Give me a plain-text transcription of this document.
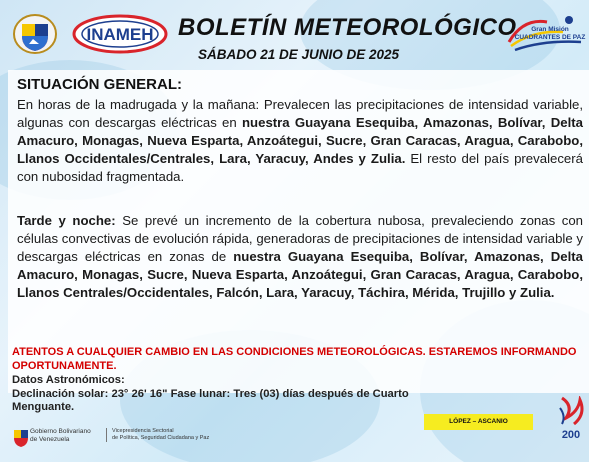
INAMEH BOLETÍN METEOROLÓGICO
SÁBADO 21 DE JUNIO DE 2025
Gran Misión
CUADRANTES DE PAZ
SITUACIÓN GENERAL:
En horas de la madrugada y la mañana: Prevalecen las precipitaciones de intensidad variable, algunas con descargas eléctricas en nuestra Guayana Esequiba, Amazonas, Bolívar, Delta Amacuro, Monagas, Nueva Esparta, Anzoátegui, Sucre, Gran Caracas, Aragua, Carabobo, Llanos Occidentales/Centrales, Lara, Yaracuy, Andes y Zulia. El resto del país prevalecerá con nubosidad fragmentada.
Tarde y noche: Se prevé un incremento de la cobertura nubosa, prevaleciendo zonas con células convectivas de evolución rápida, generadoras de precipitaciones de intensidad variable y descargas eléctricas en zonas de nuestra Guayana Esequiba, Bolívar, Amazonas, Delta Amacuro, Monagas, Sucre, Nueva Esparta, Anzoátegui, Gran Caracas, Aragua, Carabobo, Llanos Centrales/Occidentales, Falcón, Lara, Yaracuy, Táchira, Mérida, Trujillo y Zulia.
ATENTOS A CUALQUIER CAMBIO EN LAS CONDICIONES METEOROLÓGICAS. ESTAREMOS INFORMANDO OPORTUNAMENTE.
Datos Astronómicos:
Declinación solar: 23° 26' 16" Fase lunar: Tres (03) días después de Cuarto Menguante.
Gobierno Bolivariano
de Venezuela
Vicepresidencia Sectorial
de Política, Seguridad Ciudadana y Paz
LÓPEZ – ASCANIO
200
